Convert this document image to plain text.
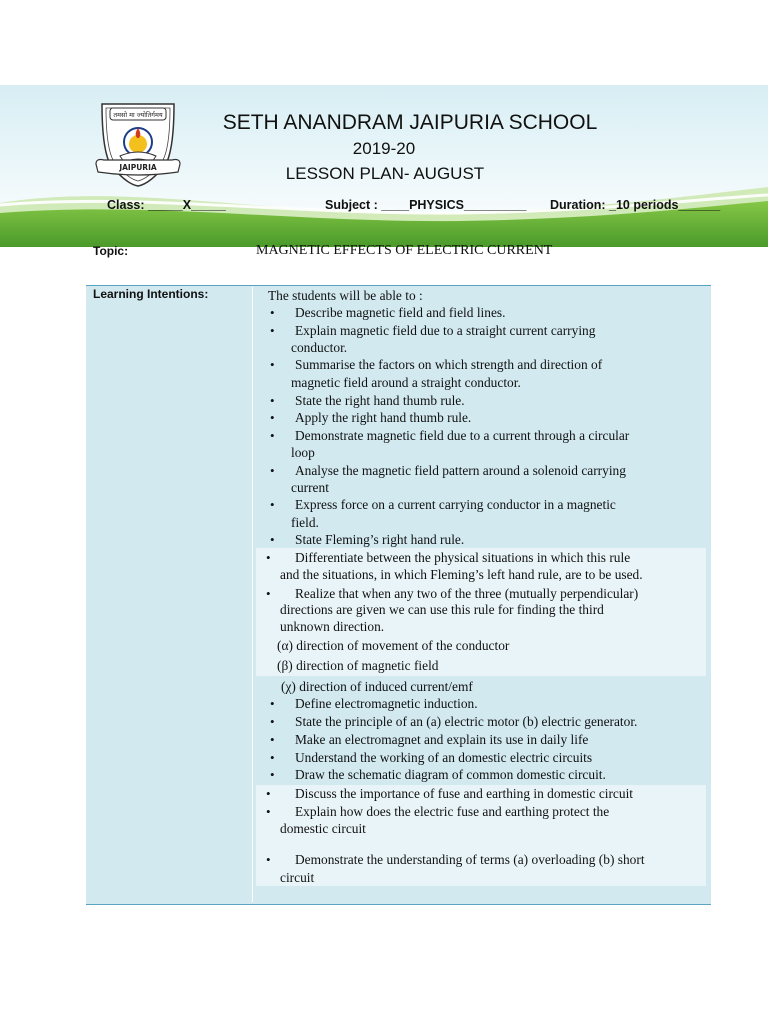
तमसो मा ज्योतिर्गमय
JAIPURIA
SETH ANANDRAM JAIPURIA SCHOOL
2019-20
LESSON PLAN- AUGUST
Class: _____X_____	Subject : ____PHYSICS_________ Duration: _10 periods______
Topic:	MAGNETIC EFFECTS OF ELECTRIC CURRENT
Learning Intentions:	The students will be able to :
• Describe magnetic field and field lines.
• Explain magnetic field due to a straight current carrying
conductor.
• Summarise the factors on which strength and direction of
magnetic field around a straight conductor.
• State the right hand thumb rule.
• Apply the right hand thumb rule.
• Demonstrate magnetic field due to a current through a circular
loop
• Analyse the magnetic field pattern around a solenoid carrying
current
• Express force on a current carrying conductor in a magnetic
field.
• State Fleming’s right hand rule.
• Differentiate between the physical situations in which this rule
and the situations, in which Fleming’s left hand rule, are to be used.
• Realize that when any two of the three (mutually perpendicular)
directions are given we can use this rule for finding the third
unknown direction.
(α) direction of movement of the conductor
(β) direction of magnetic field
(χ) direction of induced current/emf
• Define electromagnetic induction.
• State the principle of an (a) electric motor (b) electric generator.
• Make an electromagnet and explain its use in daily life
• Understand the working of an domestic electric circuits
• Draw the schematic diagram of common domestic circuit.
• Discuss the importance of fuse and earthing in domestic circuit
• Explain how does the electric fuse and earthing protect the
domestic circuit
• Demonstrate the understanding of terms (a) overloading (b) short
circuit
